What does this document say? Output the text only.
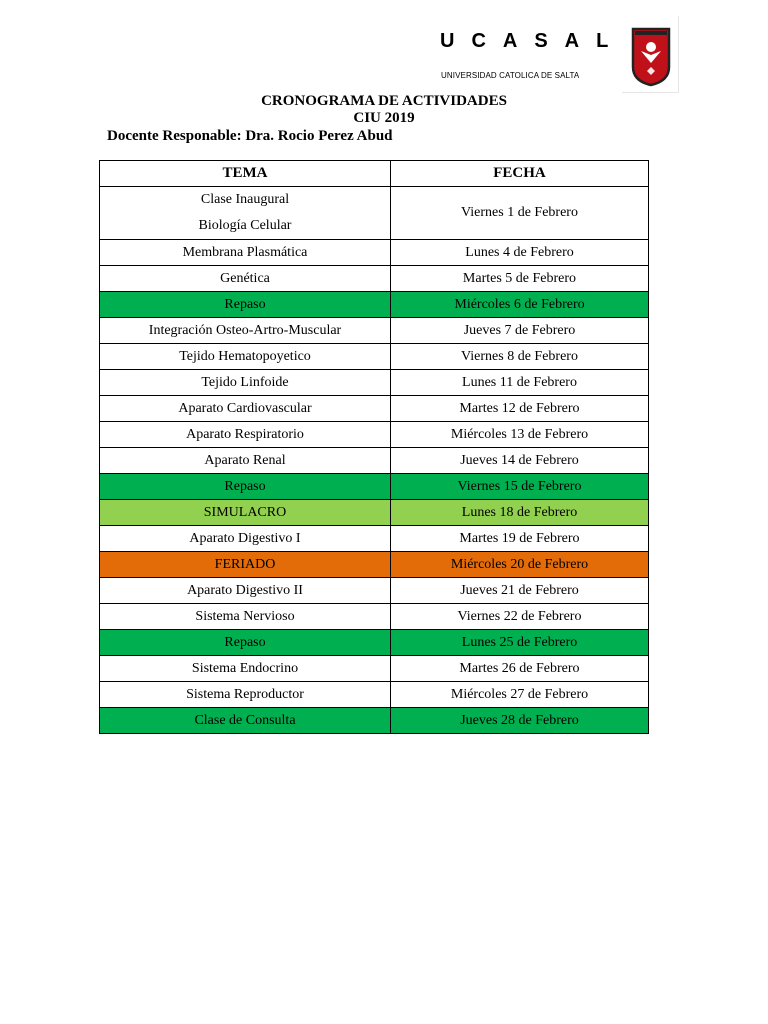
UCASAL
UNIVERSIDAD CATOLICA DE SALTA
CRONOGRAMA DE ACTIVIDADES
CIU 2019
Docente Responable: Dra. Rocio Perez Abud
TEMA	FECHA

Clase Inaugural
Biología Celular	Viernes 1 de Febrero
Membrana Plasmática	Lunes 4 de Febrero
Genética	Martes 5 de Febrero
Repaso	Miércoles 6 de Febrero
Integración Osteo-Artro-Muscular	Jueves 7 de Febrero
Tejido Hematopoyetico	Viernes 8 de Febrero
Tejido Linfoide	Lunes 11 de Febrero
Aparato Cardiovascular	Martes 12 de Febrero
Aparato Respiratorio	Miércoles 13 de Febrero
Aparato Renal	Jueves 14 de Febrero
Repaso	Viernes 15 de Febrero
SIMULACRO	Lunes 18 de Febrero
Aparato Digestivo I	Martes 19 de Febrero
FERIADO	Miércoles 20 de Febrero
Aparato Digestivo II	Jueves 21 de Febrero
Sistema Nervioso	Viernes 22 de Febrero
Repaso	Lunes 25 de Febrero
Sistema Endocrino	Martes 26 de Febrero
Sistema Reproductor	Miércoles 27 de Febrero
Clase de Consulta	Jueves 28 de Febrero
